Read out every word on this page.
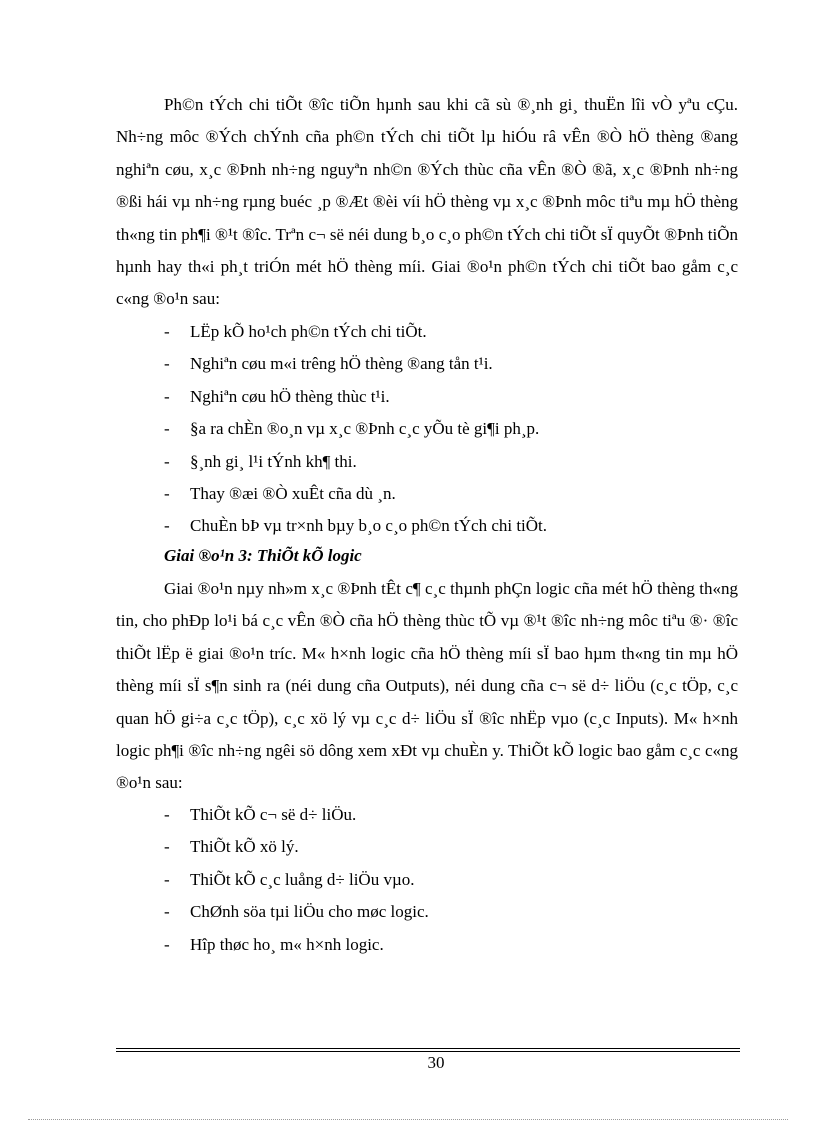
Ph©n tÝch chi tiÕt ®îc tiÕn hµnh sau khi cã sù ®¸nh gi¸ thuËn lîi vÒ yªu cÇu. Nh÷ng môc ®Ých chÝnh cña ph©n tÝch chi tiÕt lµ hiÓu râ vÊn ®Ò hÖ thèng ®ang nghiªn cøu, x¸c ®Þnh nh÷ng nguyªn nh©n ®Ých thùc cña vÊn ®Ò ®ã, x¸c ®Þnh nh÷ng ®ßi hái vµ nh÷ng rµng buéc ¸p ®Æt ®èi víi hÖ thèng vµ x¸c ®Þnh môc tiªu mµ hÖ thèng th«ng tin ph¶i ®¹t ®îc. Trªn c¬ së néi dung b¸o c¸o ph©n tÝch chi tiÕt sÏ quyÕt ®Þnh tiÕn hµnh hay th«i ph¸t triÓn mét hÖ thèng míi. Giai ®o¹n ph©n tÝch chi tiÕt bao gåm c¸c c«ng ®o¹n sau:

- LËp kÕ ho¹ch ph©n tÝch chi tiÕt.
- Nghiªn cøu m«i trêng hÖ thèng ®ang tån t¹i.
- Nghiªn cøu hÖ thèng thùc t¹i.
- §a ra chÈn ®o¸n vµ x¸c ®Þnh c¸c yÕu tè gi¶i ph¸p.
- §¸nh gi¸ l¹i tÝnh kh¶ thi.
- Thay ®æi ®Ò xuÊt cña dù ¸n.
- ChuÈn bÞ vµ tr×nh bµy b¸o c¸o ph©n tÝch chi tiÕt.

Giai ®o¹n 3: ThiÕt kÕ logic

Giai ®o¹n nµy nh»m x¸c ®Þnh tÊt c¶ c¸c thµnh phÇn logic cña mét hÖ thèng th«ng tin, cho phÐp lo¹i bá c¸c vÊn ®Ò cña hÖ thèng thùc tÕ vµ ®¹t ®îc nh÷ng môc tiªu ®· ®îc thiÕt lËp ë giai ®o¹n tríc. M« h×nh logic cña hÖ thèng míi sÏ bao hµm th«ng tin mµ hÖ thèng míi sÏ s¶n sinh ra (néi dung cña Outputs), néi dung cña c¬ së d÷ liÖu (c¸c tÖp, c¸c quan hÖ gi÷a c¸c tÖp), c¸c xö lý vµ c¸c d÷ liÖu sÏ ®îc nhËp vµo (c¸c Inputs). M« h×nh logic ph¶i ®îc nh÷ng ngêi sö dông xem xÐt vµ chuÈn y. ThiÕt kÕ logic bao gåm c¸c c«ng ®o¹n sau:

- ThiÕt kÕ c¬ së d÷ liÖu.
- ThiÕt kÕ xö lý.
- ThiÕt kÕ c¸c luång d÷ liÖu vµo.
- ChØnh söa tµi liÖu cho møc logic.
- Hîp thøc ho¸ m« h×nh logic.
30
